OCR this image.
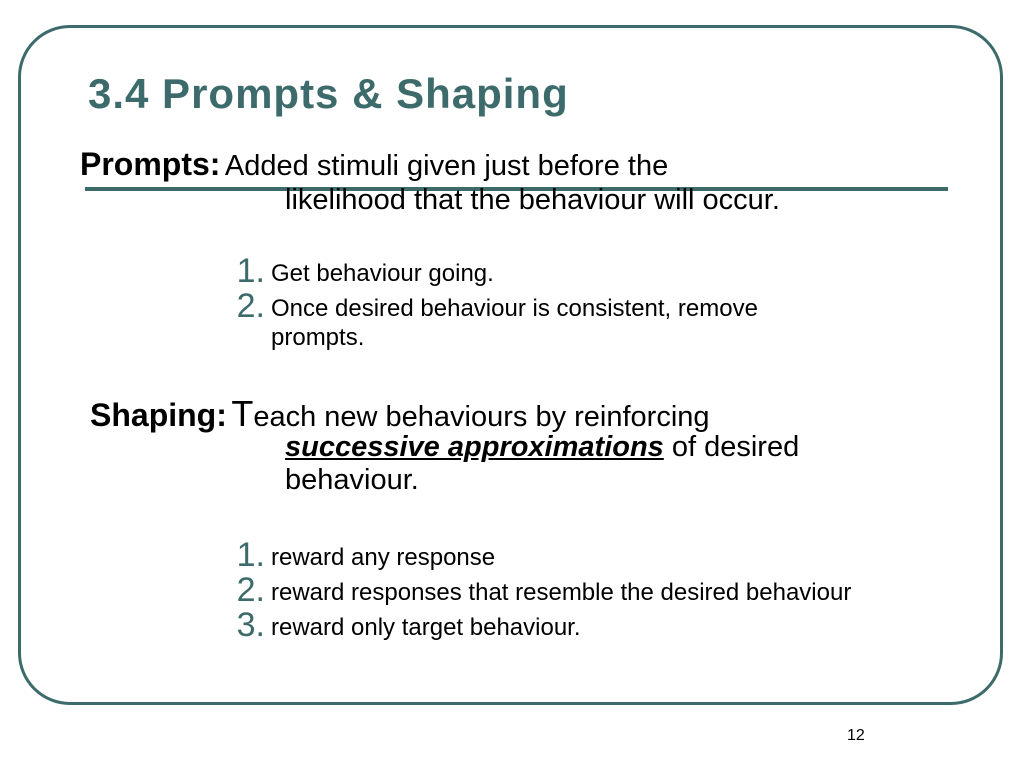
3.4 Prompts & Shaping
Prompts: Added stimuli given just before the
likelihood that the behaviour will occur.
1. Get behaviour going.
2. Once desired behaviour is consistent, remove
prompts.
Shaping: Teach new behaviours by reinforcing
successive approximations of desired
behaviour.
1. reward any response
2. reward responses that resemble the desired behaviour
3. reward only target behaviour.
12
